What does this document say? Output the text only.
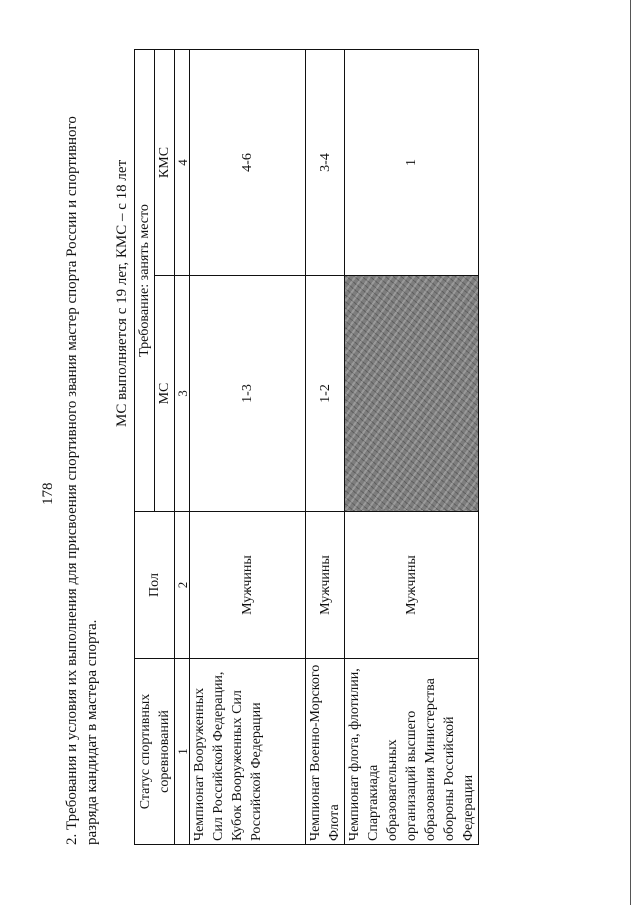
178 2. Требования и условия их выполнения для присвоения спортивного звания мастер спорта России и спортивного разряда кандидат в мастера спорта.
МС выполняется с 19 лет, КМС – с 18 лет
Статус спортивных соревнований	Пол	Требование: занять место	
		МС	КМС
1	2	3	4
Чемпионат Вооруженных Сил Российской Федерации, Кубок Вооруженных Сил Российской Федерации	Мужчины	1-3	4-6
Чемпионат Военно-Морского Флота	Мужчины	1-2	3-4
Чемпионат флота, флотилии, Спартакиада образовательных организаций высшего образования Министерства обороны Российской Федерации	Мужчины		1
